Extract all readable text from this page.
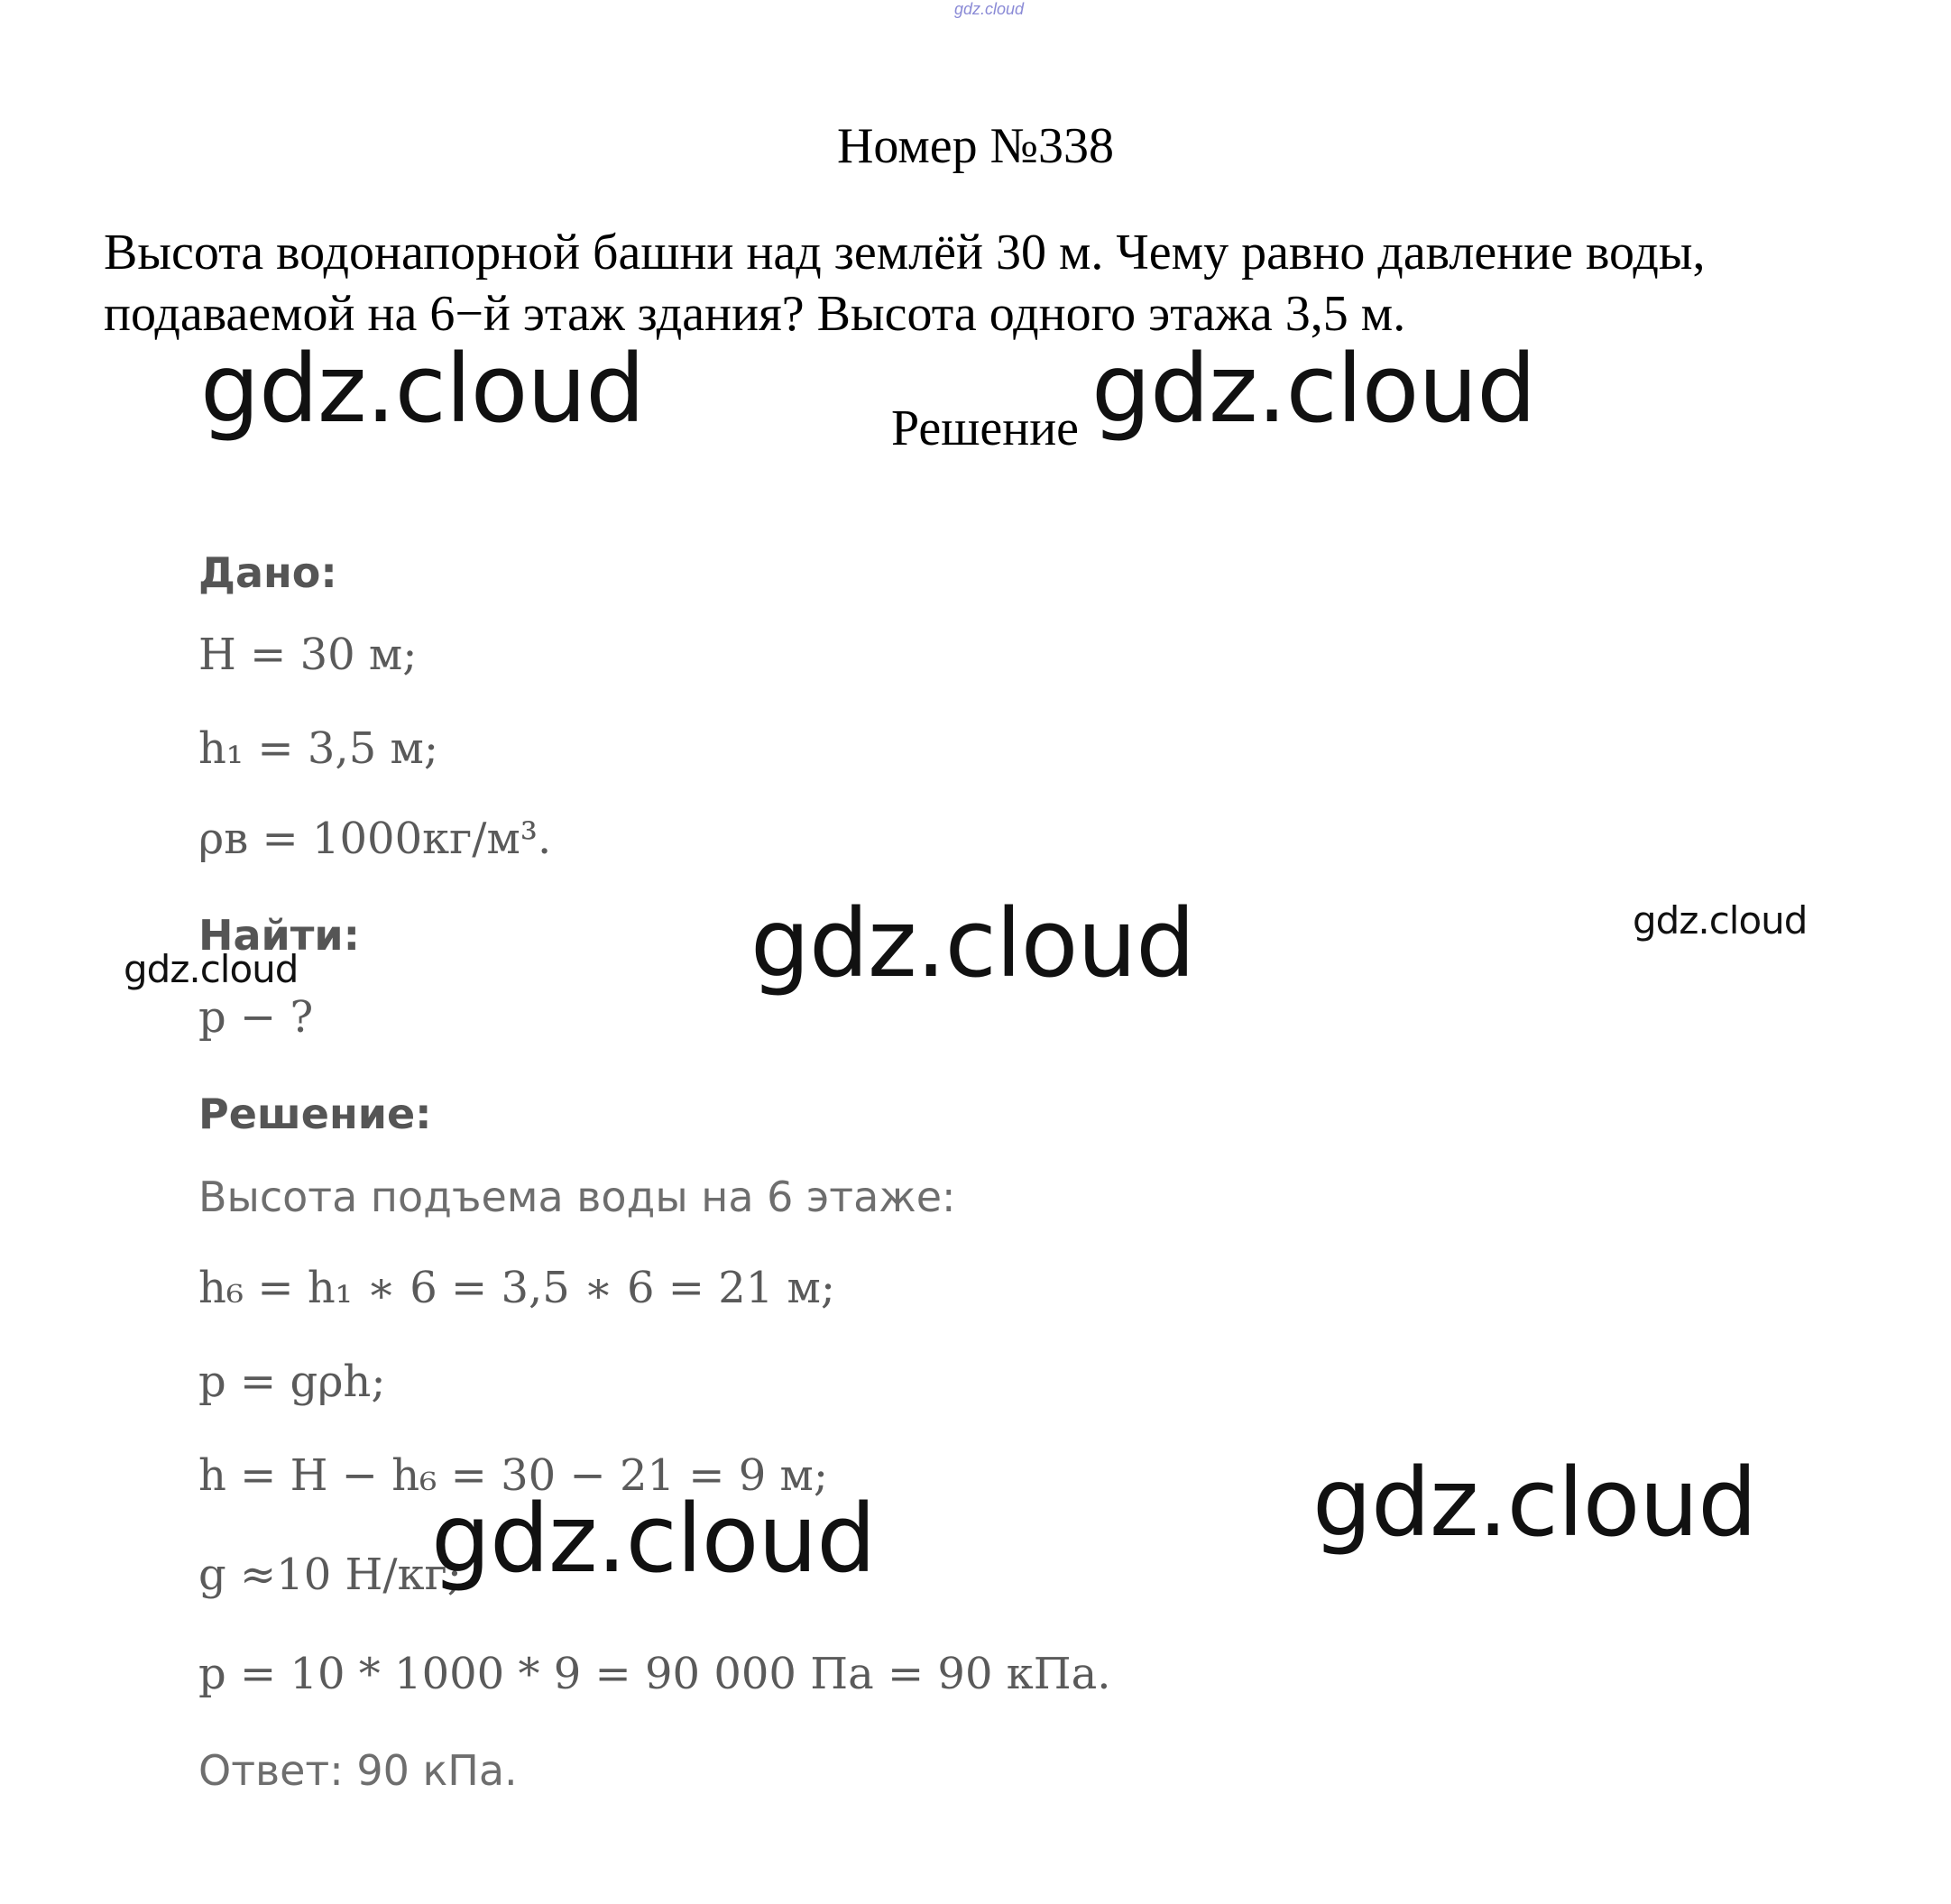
gdz.cloud
Номер №338
Высота водонапорной башни над землёй 30 м. Чему равно давление воды, подаваемой на 6−й этаж здания? Высота одного этажа 3,5 м.
Решение
Дано:
H = 30 м;
h₁ = 3,5 м;
ρв = 1000кг/м³.
Найти:
p − ?
Решение:
Высота подъема воды на 6 этаже:
h₆ = h₁ ∗ 6 = 3,5 ∗ 6 = 21 м;
p = gρh;
h = H − h₆ = 30 − 21 = 9 м;
g ≈10 Н/кг;
p = 10 * 1000 * 9 = 90 000 Па = 90 кПа.
Ответ: 90 кПа.
gdz.cloud	gdz.cloud
gdz.cloud	gdz.cloud
gdz.cloud
gdz.cloud
gdz.cloud
